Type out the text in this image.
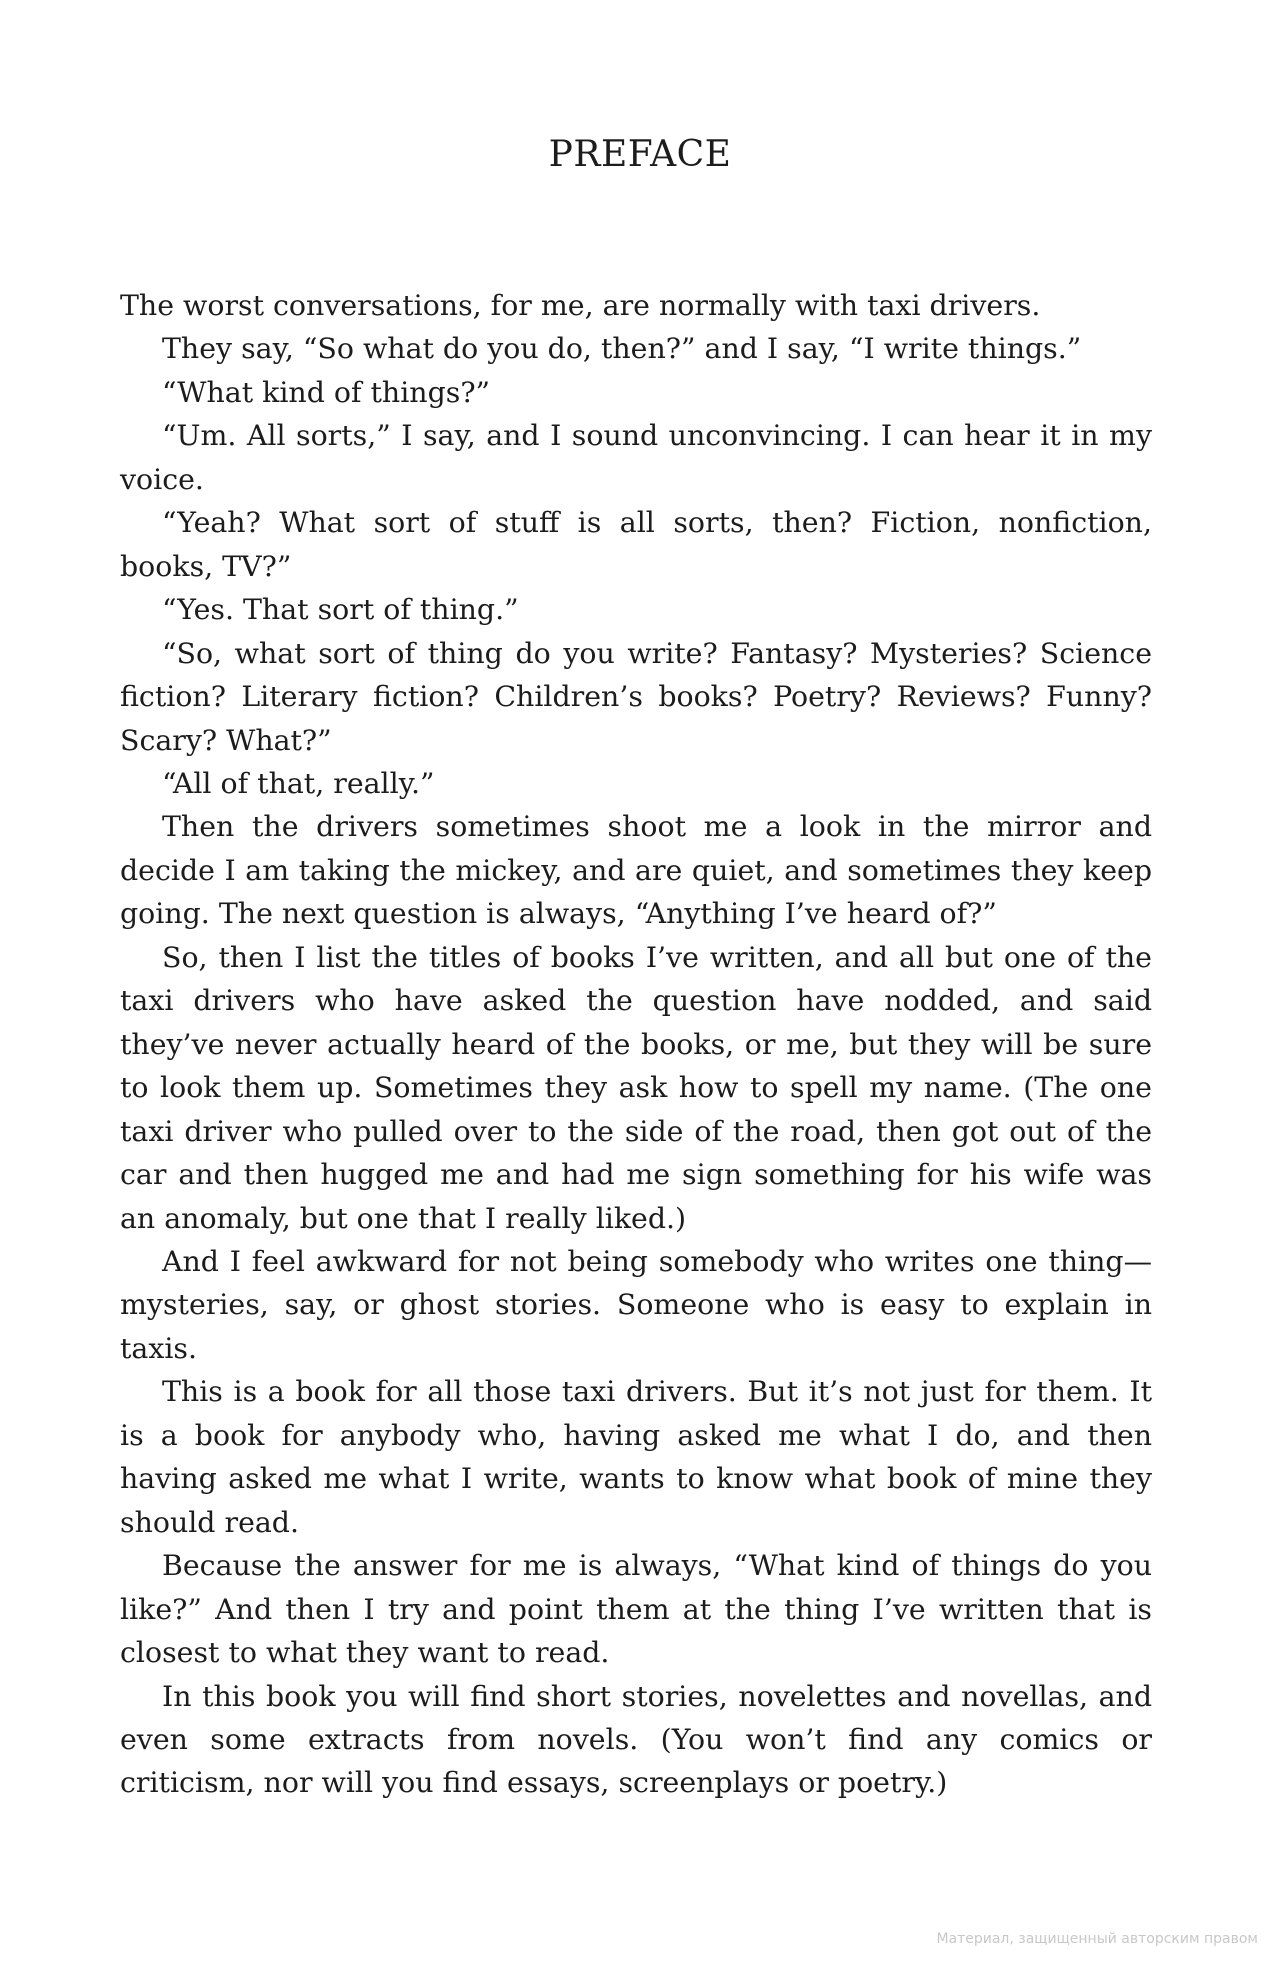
PREFACE

The worst conversations, for me, are normally with taxi drivers.

They say, “So what do you do, then?” and I say, “I write things.”

“What kind of things?”

“Um. All sorts,” I say, and I sound unconvincing. I can hear it in my voice.

“Yeah? What sort of stuff is all sorts, then? Fiction, nonfiction, books, TV?”

“Yes. That sort of thing.”

“So, what sort of thing do you write? Fantasy? Mysteries? Science fiction? Literary fiction? Children’s books? Poetry? Reviews? Funny? Scary? What?”

“All of that, really.”

Then the drivers sometimes shoot me a look in the mirror and decide I am taking the mickey, and are quiet, and sometimes they keep going. The next question is always, “Anything I’ve heard of?”

So, then I list the titles of books I’ve written, and all but one of the taxi drivers who have asked the question have nodded, and said they’ve never actually heard of the books, or me, but they will be sure to look them up. Sometimes they ask how to spell my name. (The one taxi driver who pulled over to the side of the road, then got out of the car and then hugged me and had me sign something for his wife was an anomaly, but one that I really liked.)

And I feel awkward for not being somebody who writes one thing—mysteries, say, or ghost stories. Someone who is easy to explain in taxis.

This is a book for all those taxi drivers. But it’s not just for them. It is a book for anybody who, having asked me what I do, and then having asked me what I write, wants to know what book of mine they should read.

Because the answer for me is always, “What kind of things do you like?” And then I try and point them at the thing I’ve written that is closest to what they want to read.

In this book you will find short stories, novelettes and novellas, and even some extracts from novels. (You won’t find any comics or criticism, nor will you find essays, screenplays or poetry.)

Материал, защищенный авторским правом
